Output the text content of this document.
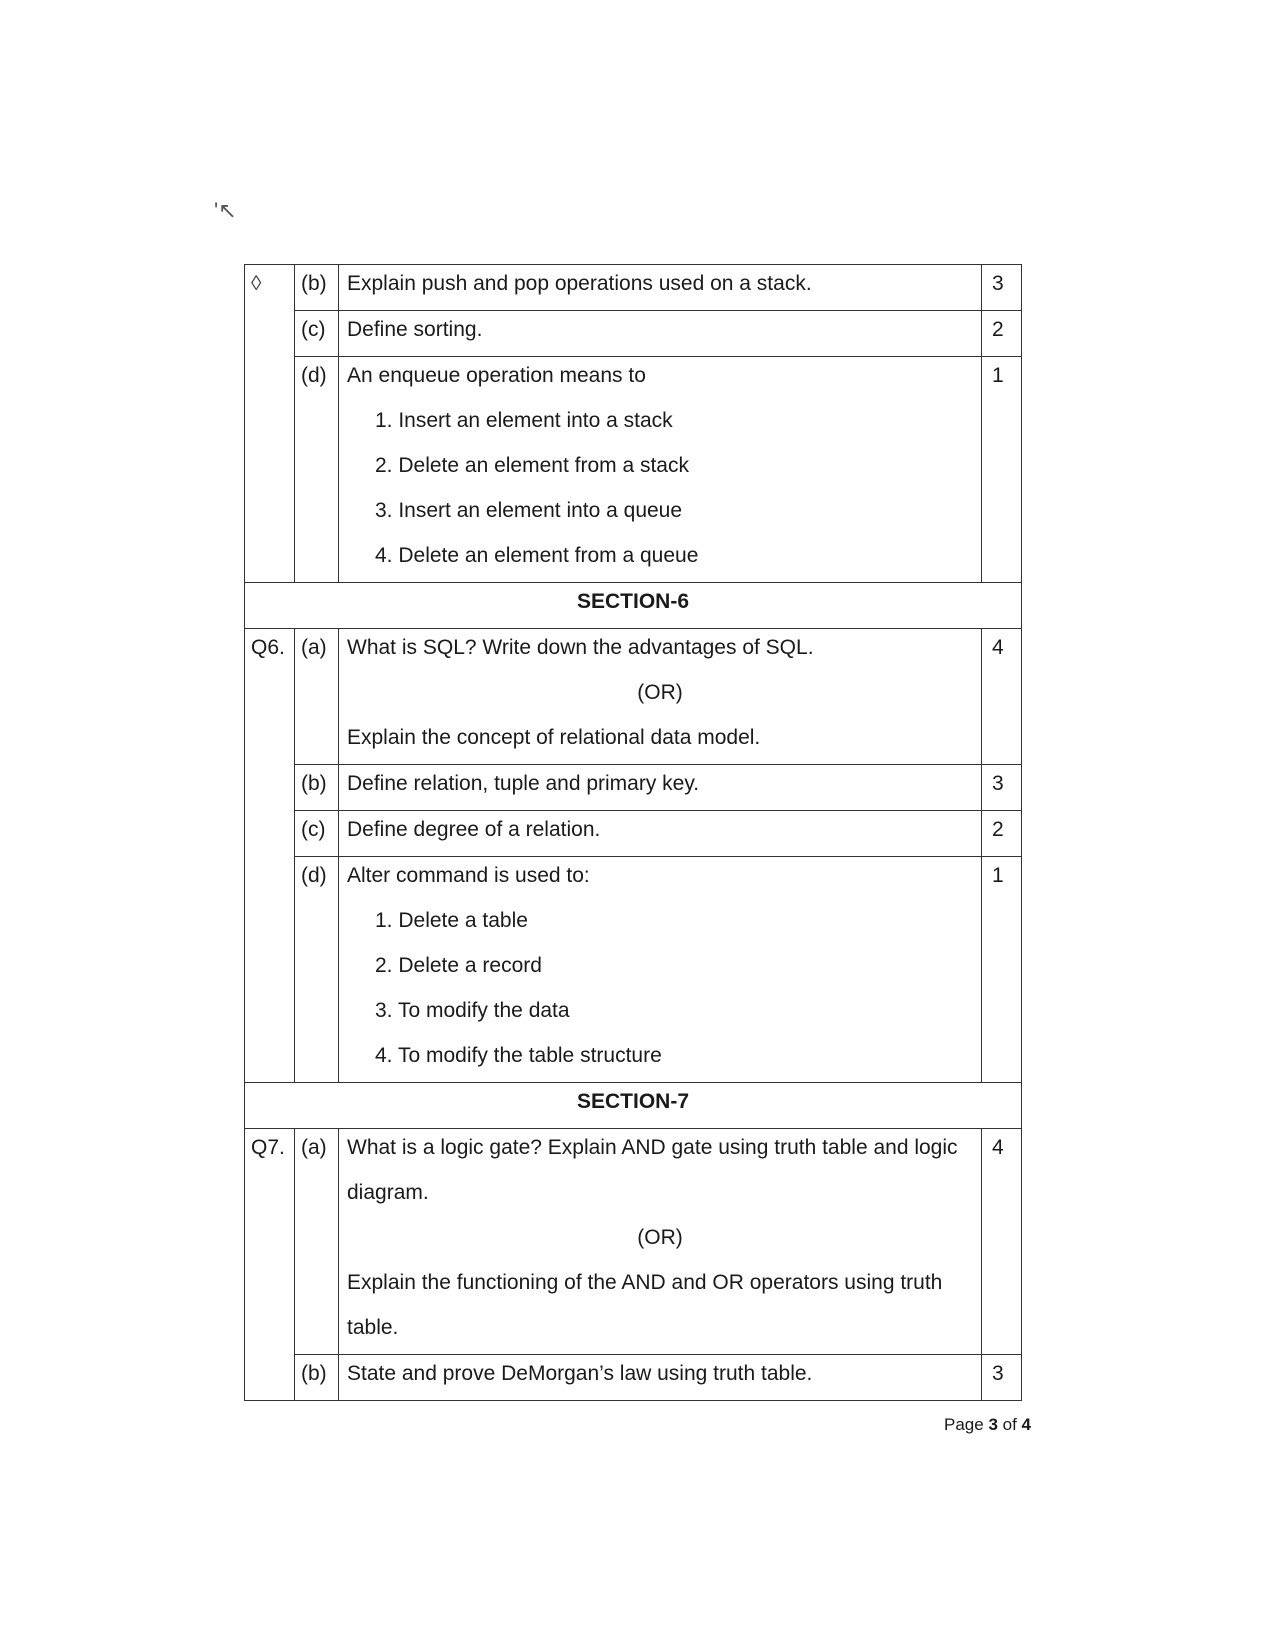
'↖
◊	(b)	Explain push and pop operations used on a stack.	3

	(c)	Define sorting.	2

	(d)	An enqueue operation means to
1. Insert an element into a stack
2. Delete an element from a stack
3. Insert an element into a queue
4. Delete an element from a queue	1

SECTION-6			

Q6.	(a)	What is SQL? Write down the advantages of SQL.
(OR)
Explain the concept of relational data model.	4

	(b)	Define relation, tuple and primary key.	3

	(c)	Define degree of a relation.	2

	(d)	Alter command is used to:
1. Delete a table
2. Delete a record
3. To modify the data
4. To modify the table structure	1

SECTION-7			

Q7.	(a)	What is a logic gate? Explain AND gate using truth table and logic
diagram.
(OR)
Explain the functioning of the AND and OR operators using truth
table.	4

	(b)	State and prove DeMorgan’s law using truth table.	3
Page 3 of 4
